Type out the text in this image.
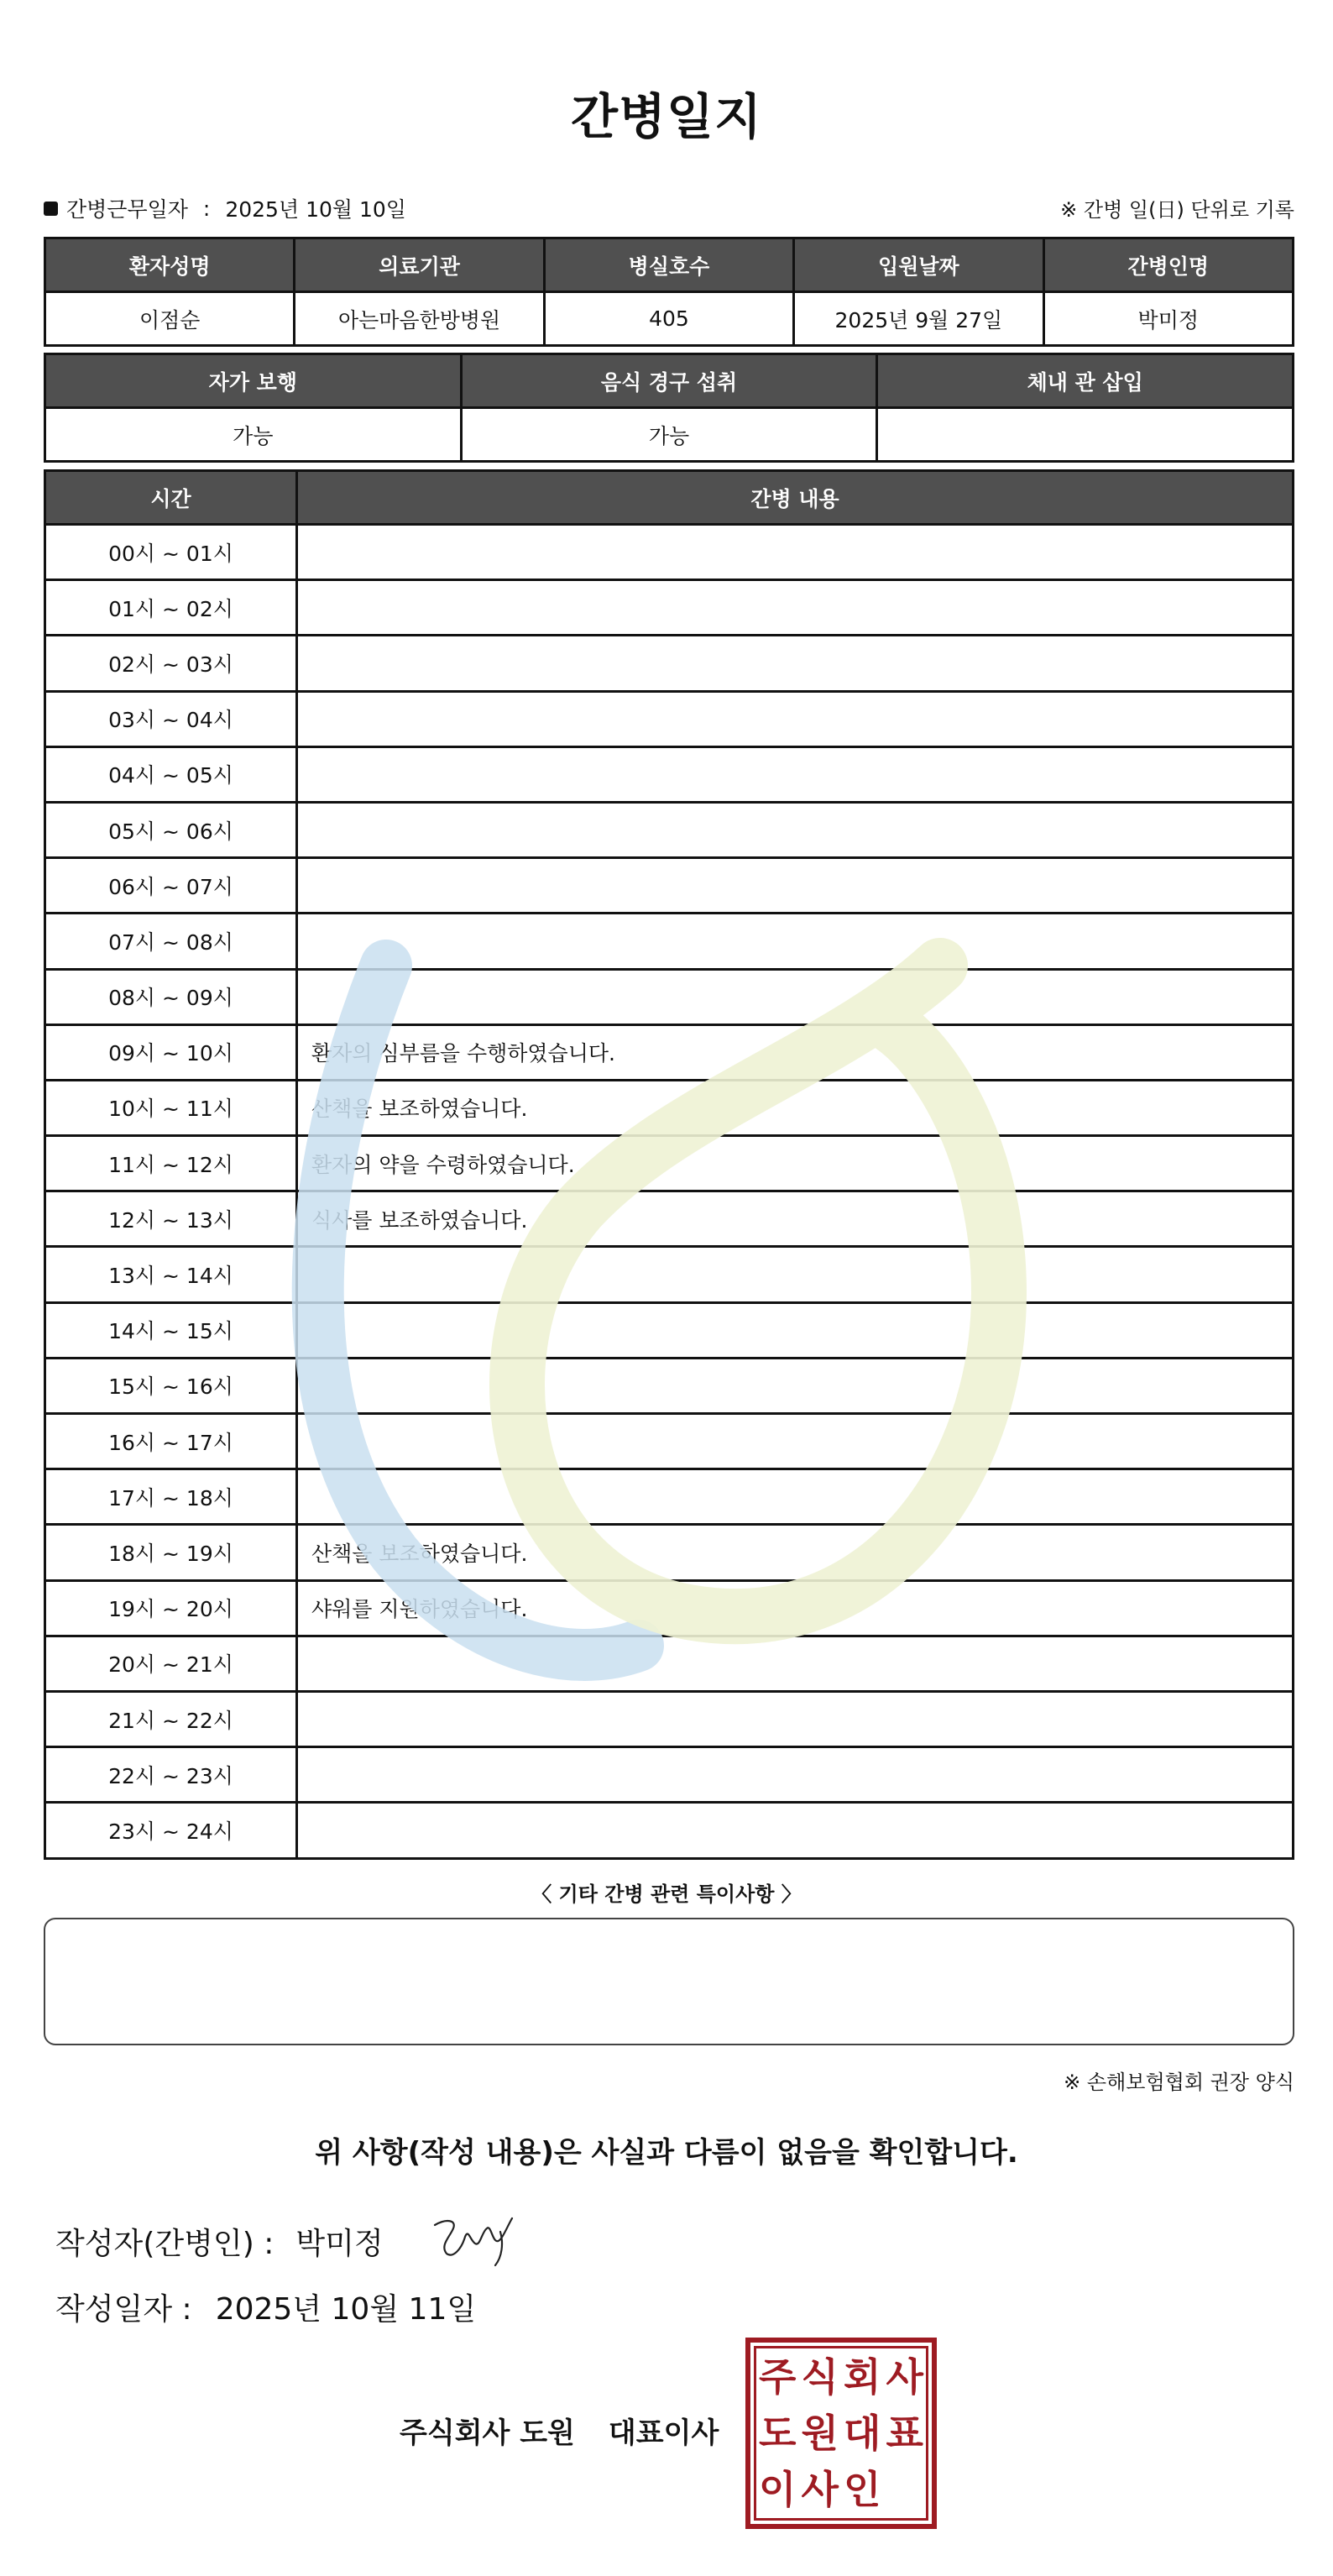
간병일지
간병근무일자 : 2025년 10월 10일	※ 간병 일(日) 단위로 기록
환자성명	의료기관	병실호수	입원날짜	간병인명
이점순	아는마음한방병원	405	2025년 9월 27일	박미정
자가 보행	음식 경구 섭취	체내 관 삽입
가능	가능	
시간	간병 내용
00시 ~ 01시	
01시 ~ 02시	
02시 ~ 03시	
03시 ~ 04시	
04시 ~ 05시	
05시 ~ 06시	
06시 ~ 07시	
07시 ~ 08시	
08시 ~ 09시	
09시 ~ 10시	환자의 심부름을 수행하였습니다.
10시 ~ 11시	산책을 보조하였습니다.
11시 ~ 12시	환자의 약을 수령하였습니다.
12시 ~ 13시	식사를 보조하였습니다.
13시 ~ 14시	
14시 ~ 15시	
15시 ~ 16시	
16시 ~ 17시	
17시 ~ 18시	
18시 ~ 19시	산책을 보조하였습니다.
19시 ~ 20시	샤워를 지원하였습니다.
20시 ~ 21시	
21시 ~ 22시	
22시 ~ 23시	
23시 ~ 24시	
〈 기타 간병 관련 특이사항 〉
※ 손해보험협회 권장 양식
위 사항(작성 내용)은 사실과 다름이 없음을 확인합니다.
작성자(간병인) : 박미정
작성일자 : 2025년 10월 11일
주식회사 도원 대표이사
주 식 회 사
도 원 대 표
이 사 인
